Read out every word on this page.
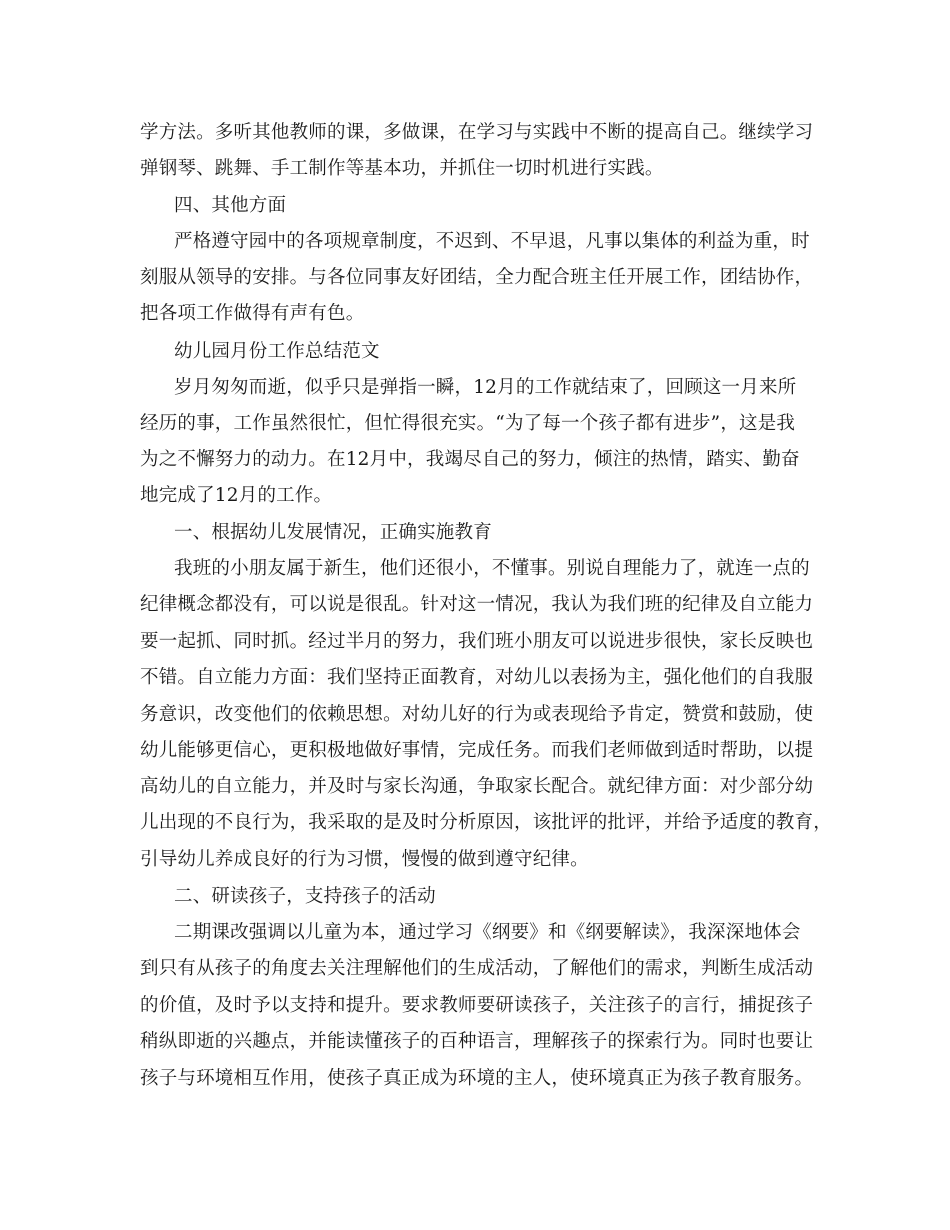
学方法。多听其他教师的课，多做课，在学习与实践中不断的提高自己。继续学习
弹钢琴、跳舞、手工制作等基本功，并抓住一切时机进行实践。
四、其他方面
严格遵守园中的各项规章制度，不迟到、不早退，凡事以集体的利益为重，时
刻服从领导的安排。与各位同事友好团结，全力配合班主任开展工作，团结协作，
把各项工作做得有声有色。
幼儿园月份工作总结范文
岁月匆匆而逝，似乎只是弹指一瞬，12月的工作就结束了，回顾这一月来所
经历的事，工作虽然很忙，但忙得很充实。“为了每一个孩子都有进步”，这是我
为之不懈努力的动力。在12月中，我竭尽自己的努力，倾注的热情，踏实、勤奋
地完成了12月的工作。
一、根据幼儿发展情况，正确实施教育
我班的小朋友属于新生，他们还很小，不懂事。别说自理能力了，就连一点的
纪律概念都没有，可以说是很乱。针对这一情况，我认为我们班的纪律及自立能力
要一起抓、同时抓。经过半月的努力，我们班小朋友可以说进步很快，家长反映也
不错。自立能力方面：我们坚持正面教育，对幼儿以表扬为主，强化他们的自我服
务意识，改变他们的依赖思想。对幼儿好的行为或表现给予肯定，赞赏和鼓励，使
幼儿能够更信心，更积极地做好事情，完成任务。而我们老师做到适时帮助，以提
高幼儿的自立能力，并及时与家长沟通，争取家长配合。就纪律方面：对少部分幼
儿出现的不良行为，我采取的是及时分析原因，该批评的批评，并给予适度的教育，
引导幼儿养成良好的行为习惯，慢慢的做到遵守纪律。
二、研读孩子，支持孩子的活动
二期课改强调以儿童为本，通过学习《纲要》和《纲要解读》，我深深地体会
到只有从孩子的角度去关注理解他们的生成活动，了解他们的需求，判断生成活动
的价值，及时予以支持和提升。要求教师要研读孩子，关注孩子的言行，捕捉孩子
稍纵即逝的兴趣点，并能读懂孩子的百种语言，理解孩子的探索行为。同时也要让
孩子与环境相互作用，使孩子真正成为环境的主人，使环境真正为孩子教育服务。
